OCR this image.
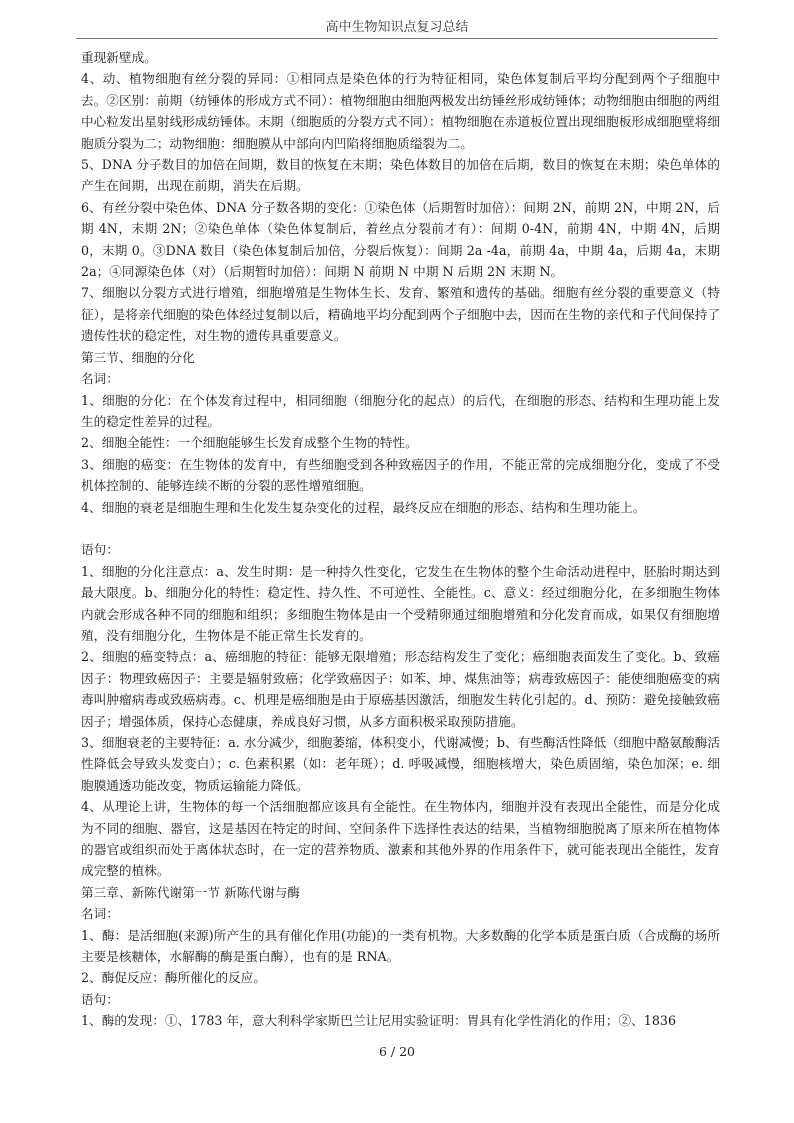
高中生物知识点复习总结

重现新壁成。

4、动、植物细胞有丝分裂的异同：①相同点是染色体的行为特征相同，染色体复制后平均分配到两个子细胞中去。②区别：前期（纺锤体的形成方式不同）：植物细胞由细胞两极发出纺锤丝形成纺锤体；动物细胞由细胞的两组中心粒发出星射线形成纺锤体。末期（细胞质的分裂方式不同）：植物细胞在赤道板位置出现细胞板形成细胞壁将细胞质分裂为二；动物细胞：细胞膜从中部向内凹陷将细胞质缢裂为二。

5、DNA 分子数目的加倍在间期，数目的恢复在末期；染色体数目的加倍在后期，数目的恢复在末期；染色单体的产生在间期，出现在前期，消失在后期。

6、有丝分裂中染色体、DNA 分子数各期的变化：①染色体（后期暂时加倍）：间期 2N，前期 2N，中期 2N，后期 4N，末期 2N；②染色单体（染色体复制后，着丝点分裂前才有）：间期 0-4N，前期 4N，中期 4N，后期 0，末期 0。③DNA 数目（染色体复制后加倍，分裂后恢复）：间期 2a -4a，前期 4a，中期 4a，后期 4a，末期 2a；④同源染色体（对）（后期暂时加倍）：间期 N 前期 N 中期 N 后期 2N 末期 N。

7、细胞以分裂方式进行增殖，细胞增殖是生物体生长、发育、繁殖和遗传的基础。细胞有丝分裂的重要意义（特征），是将亲代细胞的染色体经过复制以后，精确地平均分配到两个子细胞中去，因而在生物的亲代和子代间保持了遗传性状的稳定性，对生物的遗传具重要意义。

第三节、细胞的分化

名词：

1、细胞的分化：在个体发育过程中，相同细胞（细胞分化的起点）的后代，在细胞的形态、结构和生理功能上发生的稳定性差异的过程。

2、细胞全能性：一个细胞能够生长发育成整个生物的特性。

3、细胞的癌变：在生物体的发育中，有些细胞受到各种致癌因子的作用，不能正常的完成细胞分化，变成了不受机体控制的、能够连续不断的分裂的恶性增殖细胞。

4、细胞的衰老是细胞生理和生化发生复杂变化的过程，最终反应在细胞的形态、结构和生理功能上。

语句：

1、细胞的分化注意点：a、发生时期：是一种持久性变化，它发生在生物体的整个生命活动进程中，胚胎时期达到最大限度。b、细胞分化的特性：稳定性、持久性、不可逆性、全能性。c、意义：经过细胞分化，在多细胞生物体内就会形成各种不同的细胞和组织；多细胞生物体是由一个受精卵通过细胞增殖和分化发育而成，如果仅有细胞增殖，没有细胞分化，生物体是不能正常生长发育的。

2、细胞的癌变特点：a、癌细胞的特征：能够无限增殖；形态结构发生了变化；癌细胞表面发生了变化。b、致癌因子：物理致癌因子：主要是辐射致癌；化学致癌因子：如苯、坤、煤焦油等；病毒致癌因子：能使细胞癌变的病毒叫肿瘤病毒或致癌病毒。c、机理是癌细胞是由于原癌基因激活，细胞发生转化引起的。d、预防：避免接触致癌因子；增强体质，保持心态健康，养成良好习惯，从多方面积极采取预防措施。

3、细胞衰老的主要特征：a. 水分减少，细胞萎缩，体积变小，代谢减慢；b、有些酶活性降低（细胞中酪氨酸酶活性降低会导致头发变白）；c. 色素积累（如：老年斑）；d. 呼吸减慢，细胞核增大，染色质固缩，染色加深；e. 细胞膜通透功能改变，物质运输能力降低。

4、从理论上讲，生物体的每一个活细胞都应该具有全能性。在生物体内，细胞并没有表现出全能性，而是分化成为不同的细胞、器官，这是基因在特定的时间、空间条件下选择性表达的结果，当植物细胞脱离了原来所在植物体的器官或组织而处于离体状态时，在一定的营养物质、激素和其他外界的作用条件下，就可能表现出全能性，发育成完整的植株。

第三章、新陈代谢第一节 新陈代谢与酶

名词：

1、酶：是活细胞(来源)所产生的具有催化作用(功能)的一类有机物。大多数酶的化学本质是蛋白质（合成酶的场所主要是核糖体，水解酶的酶是蛋白酶），也有的是 RNA。

2、酶促反应：酶所催化的反应。

语句：

1、酶的发现：①、1783 年，意大利科学家斯巴兰让尼用实验证明：胃具有化学性消化的作用；②、1836

6 / 20
